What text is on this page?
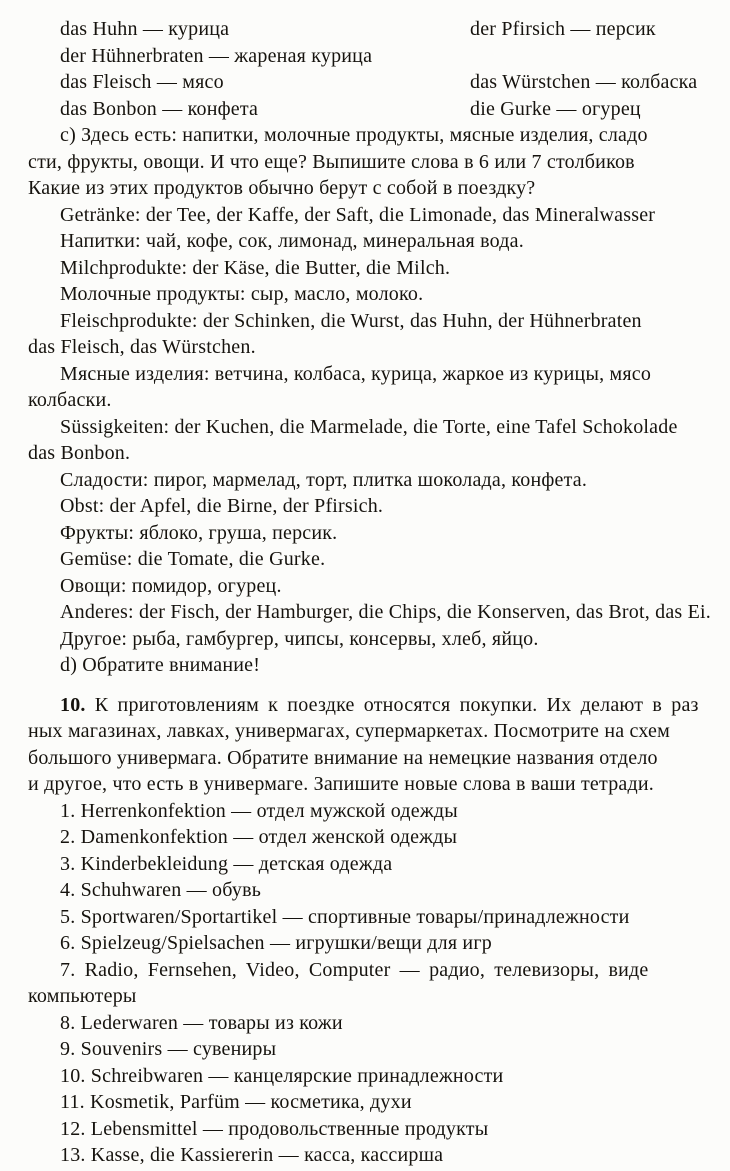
das Huhn — курица	der Pfirsich — персик
der Hühnerbraten — жареная курица
das Fleisch — мясо	das Würstchen — колбаска
das Bonbon — конфета	die Gurke — огурец
c) Здесь есть: напитки, молочные продукты, мясные изделия, сладо
сти, фрукты, овощи. И что еще? Выпишите слова в 6 или 7 столбиков
Какие из этих продуктов обычно берут с собой в поездку?
Getränke: der Tee, der Kaffe, der Saft, die Limonade, das Mineralwasser
Напитки: чай, кофе, сок, лимонад, минеральная вода.
Milchprodukte: der Käse, die Butter, die Milch.
Молочные продукты: сыр, масло, молоко.
Fleischprodukte: der Schinken, die Wurst, das Huhn, der Hühnerbraten
das Fleisch, das Würstchen.
Мясные изделия: ветчина, колбаса, курица, жаркое из курицы, мясо
колбаски.
Süssigkeiten: der Kuchen, die Marmelade, die Torte, eine Tafel Schokolade
das Bonbon.
Сладости: пирог, мармелад, торт, плитка шоколада, конфета.
Obst: der Apfel, die Birne, der Pfirsich.
Фрукты: яблоко, груша, персик.
Gemüse: die Tomate, die Gurke.
Овощи: помидор, огурец.
Anderes: der Fisch, der Hamburger, die Chips, die Konserven, das Brot, das Ei.
Другое: рыба, гамбургер, чипсы, консервы, хлеб, яйцо.
d) Обратите внимание!
10. К приготовлениям к поездке относятся покупки. Их делают в раз
ных магазинах, лавках, универмагах, супермаркетах. Посмотрите на схем
большого универмага. Обратите внимание на немецкие названия отдело
и другое, что есть в универмаге. Запишите новые слова в ваши тетради.
1. Herrenkonfektion — отдел мужской одежды
2. Damenkonfektion — отдел женской одежды
3. Kinderbekleidung — детская одежда
4. Schuhwaren — обувь
5. Sportwaren/Sportartikel — спортивные товары/принадлежности
6. Spielzeug/Spielsachen — игрушки/вещи для игр
7. Radio, Fernsehen, Video, Computer — радио, телевизоры, виде
компьютеры
8. Lederwaren — товары из кожи
9. Souvenirs — сувениры
10. Schreibwaren — канцелярские принадлежности
11. Kosmetik, Parfüm — косметика, духи
12. Lebensmittel — продовольственные продукты
13. Kasse, die Kassiererin — касса, кассирша
